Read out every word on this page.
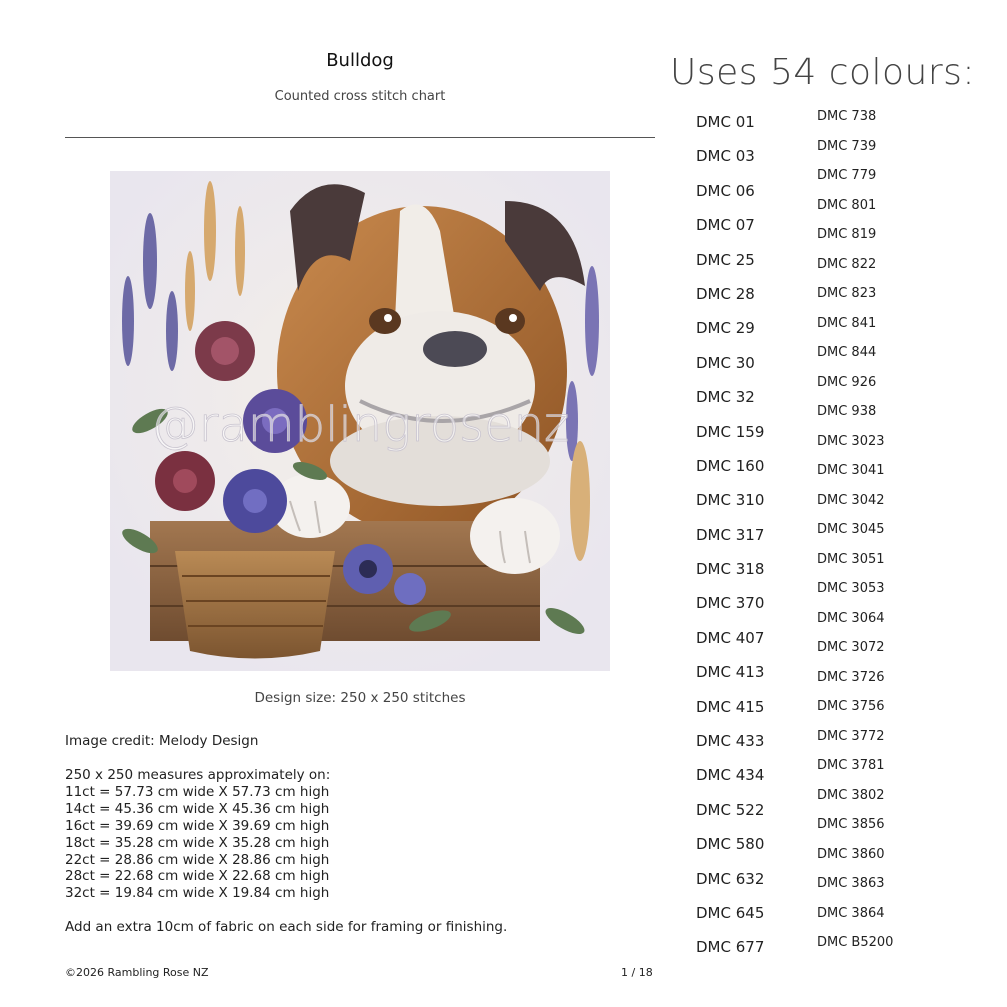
Bulldog
Counted cross stitch chart
@ramblingrosenz
Design size: 250 x 250 stitches
Image credit: Melody Design
250 x 250 measures approximately on:
11ct = 57.73 cm wide X 57.73 cm high
14ct = 45.36 cm wide X 45.36 cm high
16ct = 39.69 cm wide X 39.69 cm high
18ct = 35.28 cm wide X 35.28 cm high
22ct = 28.86 cm wide X 28.86 cm high
28ct = 22.68 cm wide X 22.68 cm high
32ct = 19.84 cm wide X 19.84 cm high
Add an extra 10cm of fabric on each side for framing or finishing.
©2026 Rambling Rose NZ	1 / 18
Uses 54 colours:
DMC 01
DMC 03
DMC 06
DMC 07
DMC 25
DMC 28
DMC 29
DMC 30
DMC 32
DMC 159
DMC 160
DMC 310
DMC 317
DMC 318
DMC 370
DMC 407
DMC 413
DMC 415
DMC 433
DMC 434
DMC 522
DMC 580
DMC 632
DMC 645
DMC 677
DMC 738
DMC 739
DMC 779
DMC 801
DMC 819
DMC 822
DMC 823
DMC 841
DMC 844
DMC 926
DMC 938
DMC 3023
DMC 3041
DMC 3042
DMC 3045
DMC 3051
DMC 3053
DMC 3064
DMC 3072
DMC 3726
DMC 3756
DMC 3772
DMC 3781
DMC 3802
DMC 3856
DMC 3860
DMC 3863
DMC 3864
DMC B5200
